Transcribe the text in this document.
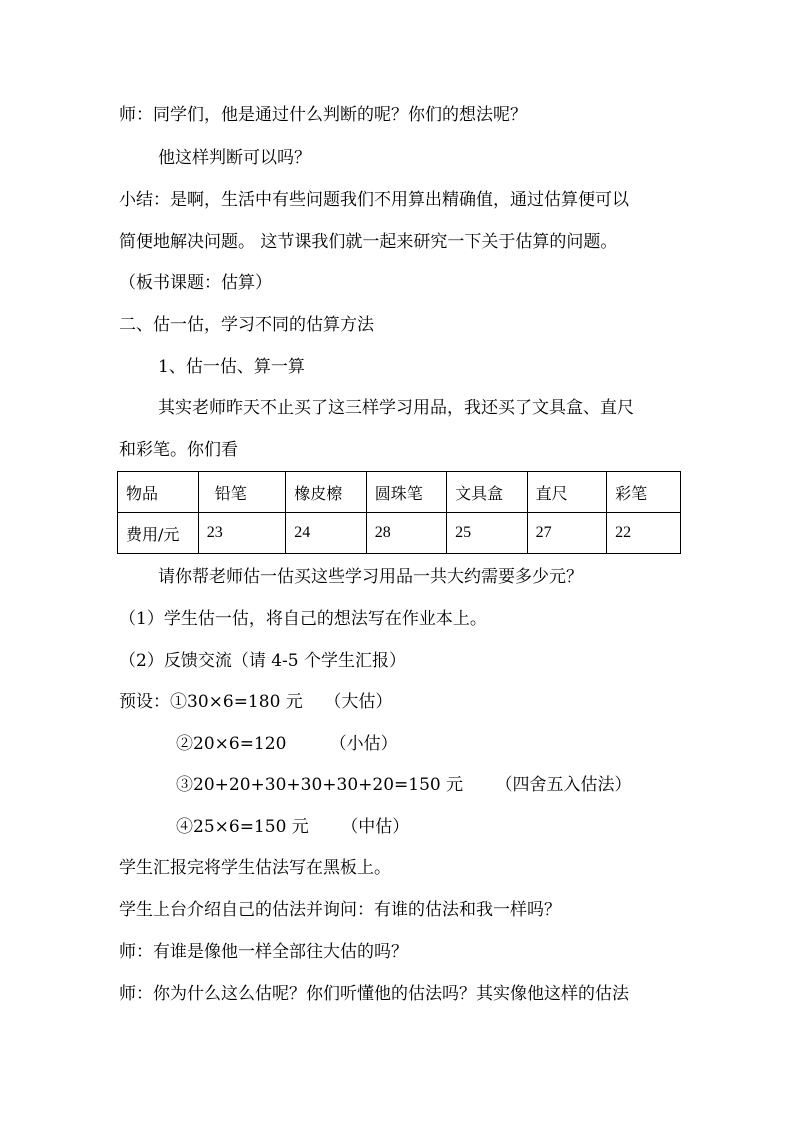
师：同学们，他是通过什么判断的呢？你们的想法呢？

他这样判断可以吗？

小结：是啊，生活中有些问题我们不用算出精确值，通过估算便可以

简便地解决问题。 这节课我们就一起来研究一下关于估算的问题。

（板书课题：估算）

二、估一估，学习不同的估算方法

1、估一估、算一算

其实老师昨天不止买了这三样学习用品，我还买了文具盒、直尺

和彩笔。你们看

物品	铅笔	橡皮檫	圆珠笔	文具盒	直尺	彩笔
费用/元	23	24	28	25	27	22

请你帮老师估一估买这些学习用品一共大约需要多少元？

（1）学生估一估，将自己的想法写在作业本上。

（2）反馈交流（请 4-5 个学生汇报）

预设：①30×6=180 元    （大估）

②20×6=120        （小估）

③20+20+30+30+30+20=150 元      （四舍五入估法）

④25×6=150 元      （中估）

学生汇报完将学生估法写在黑板上。

学生上台介绍自己的估法并询问：有谁的估法和我一样吗？

师：有谁是像他一样全部往大估的吗？

师：你为什么这么估呢？你们听懂他的估法吗？其实像他这样的估法
